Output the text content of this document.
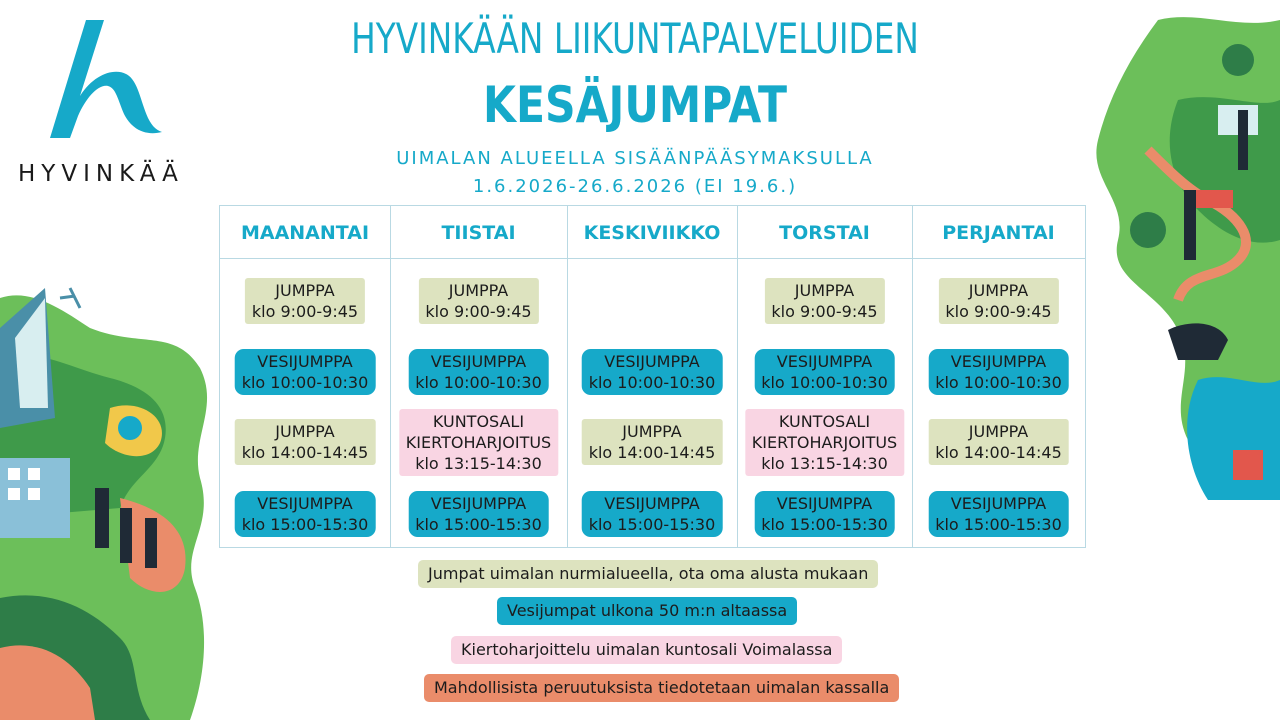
HYVINKÄÄ
HYVINKÄÄN LIIKUNTAPALVELUIDEN
KESÄJUMPAT
UIMALAN ALUEELLA SISÄÄNPÄÄSYMAKSULLA
1.6.2026-26.6.2026 (EI 19.6.)
MAANANTAI
JUMPPA
klo 9:00-9:45
VESIJUMPPA
klo 10:00-10:30
JUMPPA
klo 14:00-14:45
VESIJUMPPA
klo 15:00-15:30
TIISTAI
JUMPPA
klo 9:00-9:45
VESIJUMPPA
klo 10:00-10:30
KUNTOSALI
KIERTOHARJOITUS
klo 13:15-14:30
VESIJUMPPA
klo 15:00-15:30
KESKIVIIKKO
VESIJUMPPA
klo 10:00-10:30
JUMPPA
klo 14:00-14:45
VESIJUMPPA
klo 15:00-15:30
TORSTAI
JUMPPA
klo 9:00-9:45
VESIJUMPPA
klo 10:00-10:30
KUNTOSALI
KIERTOHARJOITUS
klo 13:15-14:30
VESIJUMPPA
klo 15:00-15:30
PERJANTAI
JUMPPA
klo 9:00-9:45
VESIJUMPPA
klo 10:00-10:30
JUMPPA
klo 14:00-14:45
VESIJUMPPA
klo 15:00-15:30
Jumpat uimalan nurmialueella, ota oma alusta mukaan
Vesijumpat ulkona 50 m:n altaassa
Kiertoharjoittelu uimalan kuntosali Voimalassa
Mahdollisista peruutuksista tiedotetaan uimalan kassalla
